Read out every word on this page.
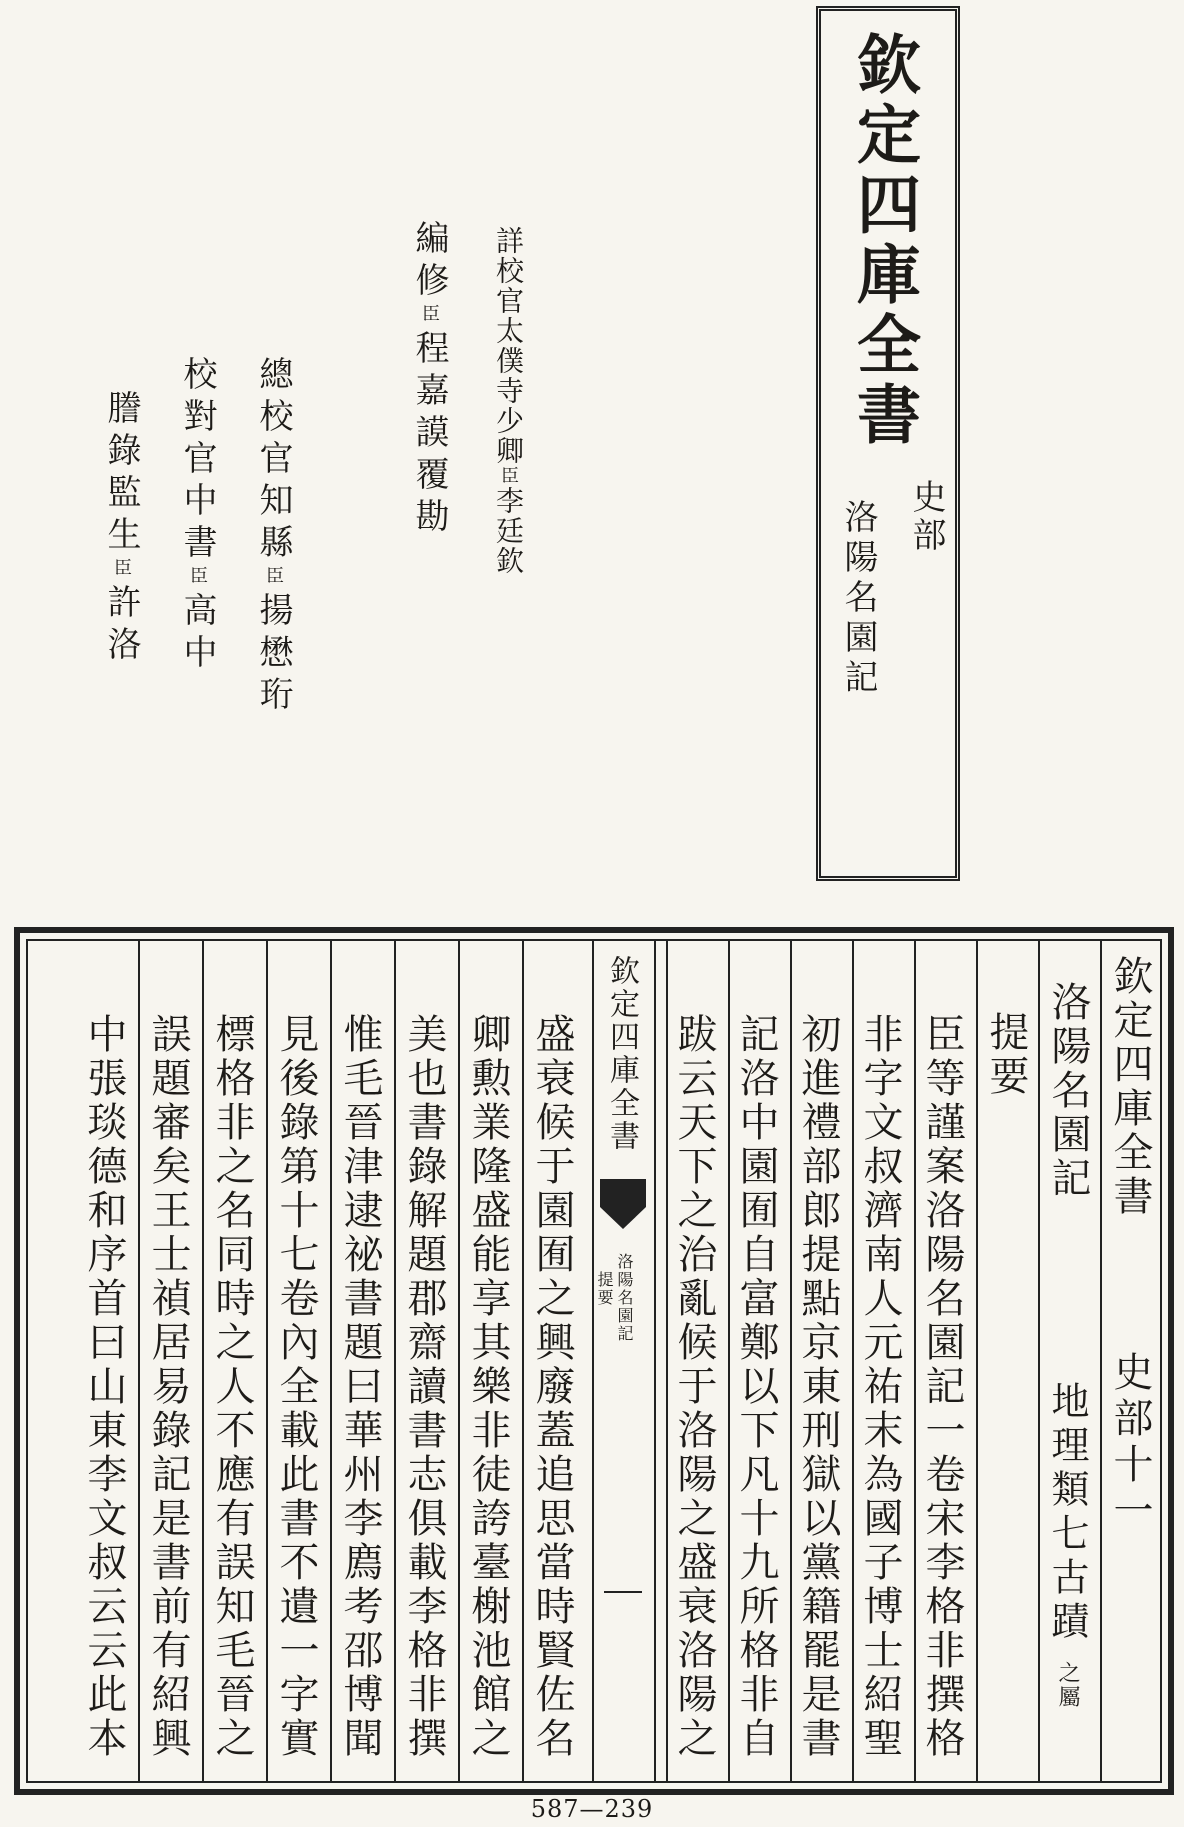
欽定四庫全書
史部
洛陽名園記
詳校官太僕寺少卿臣李廷欽
編修臣程嘉謨覆勘
總校官知縣臣揚懋珩
校對官中書臣高中
謄錄監生臣許洛
欽定四庫全書
史部十一
洛陽名園記
地理類七古蹟
之屬
提要
臣等謹案洛陽名園記一卷宋李格非撰格
非字文叔濟南人元祐末為國子博士紹聖
初進禮部郎提點京東刑獄以黨籍罷是書
記洛中園囿自富鄭以下凡十九所格非自
跋云天下之治亂候于洛陽之盛衰洛陽之
欽定四庫全書
洛陽名園記
提要
盛衰候于園囿之興廢蓋追思當時賢佐名
卿勲業隆盛能享其樂非徒誇臺榭池館之
美也書錄解題郡齋讀書志俱載李格非撰
惟毛晉津逮祕書題曰華州李廌考邵博聞
見後錄第十七卷內全載此書不遺一字實
標格非之名同時之人不應有誤知毛晉之
誤題審矣王士禎居易錄記是書前有紹興
中張琰德和序首曰山東李文叔云云此本
587—239
